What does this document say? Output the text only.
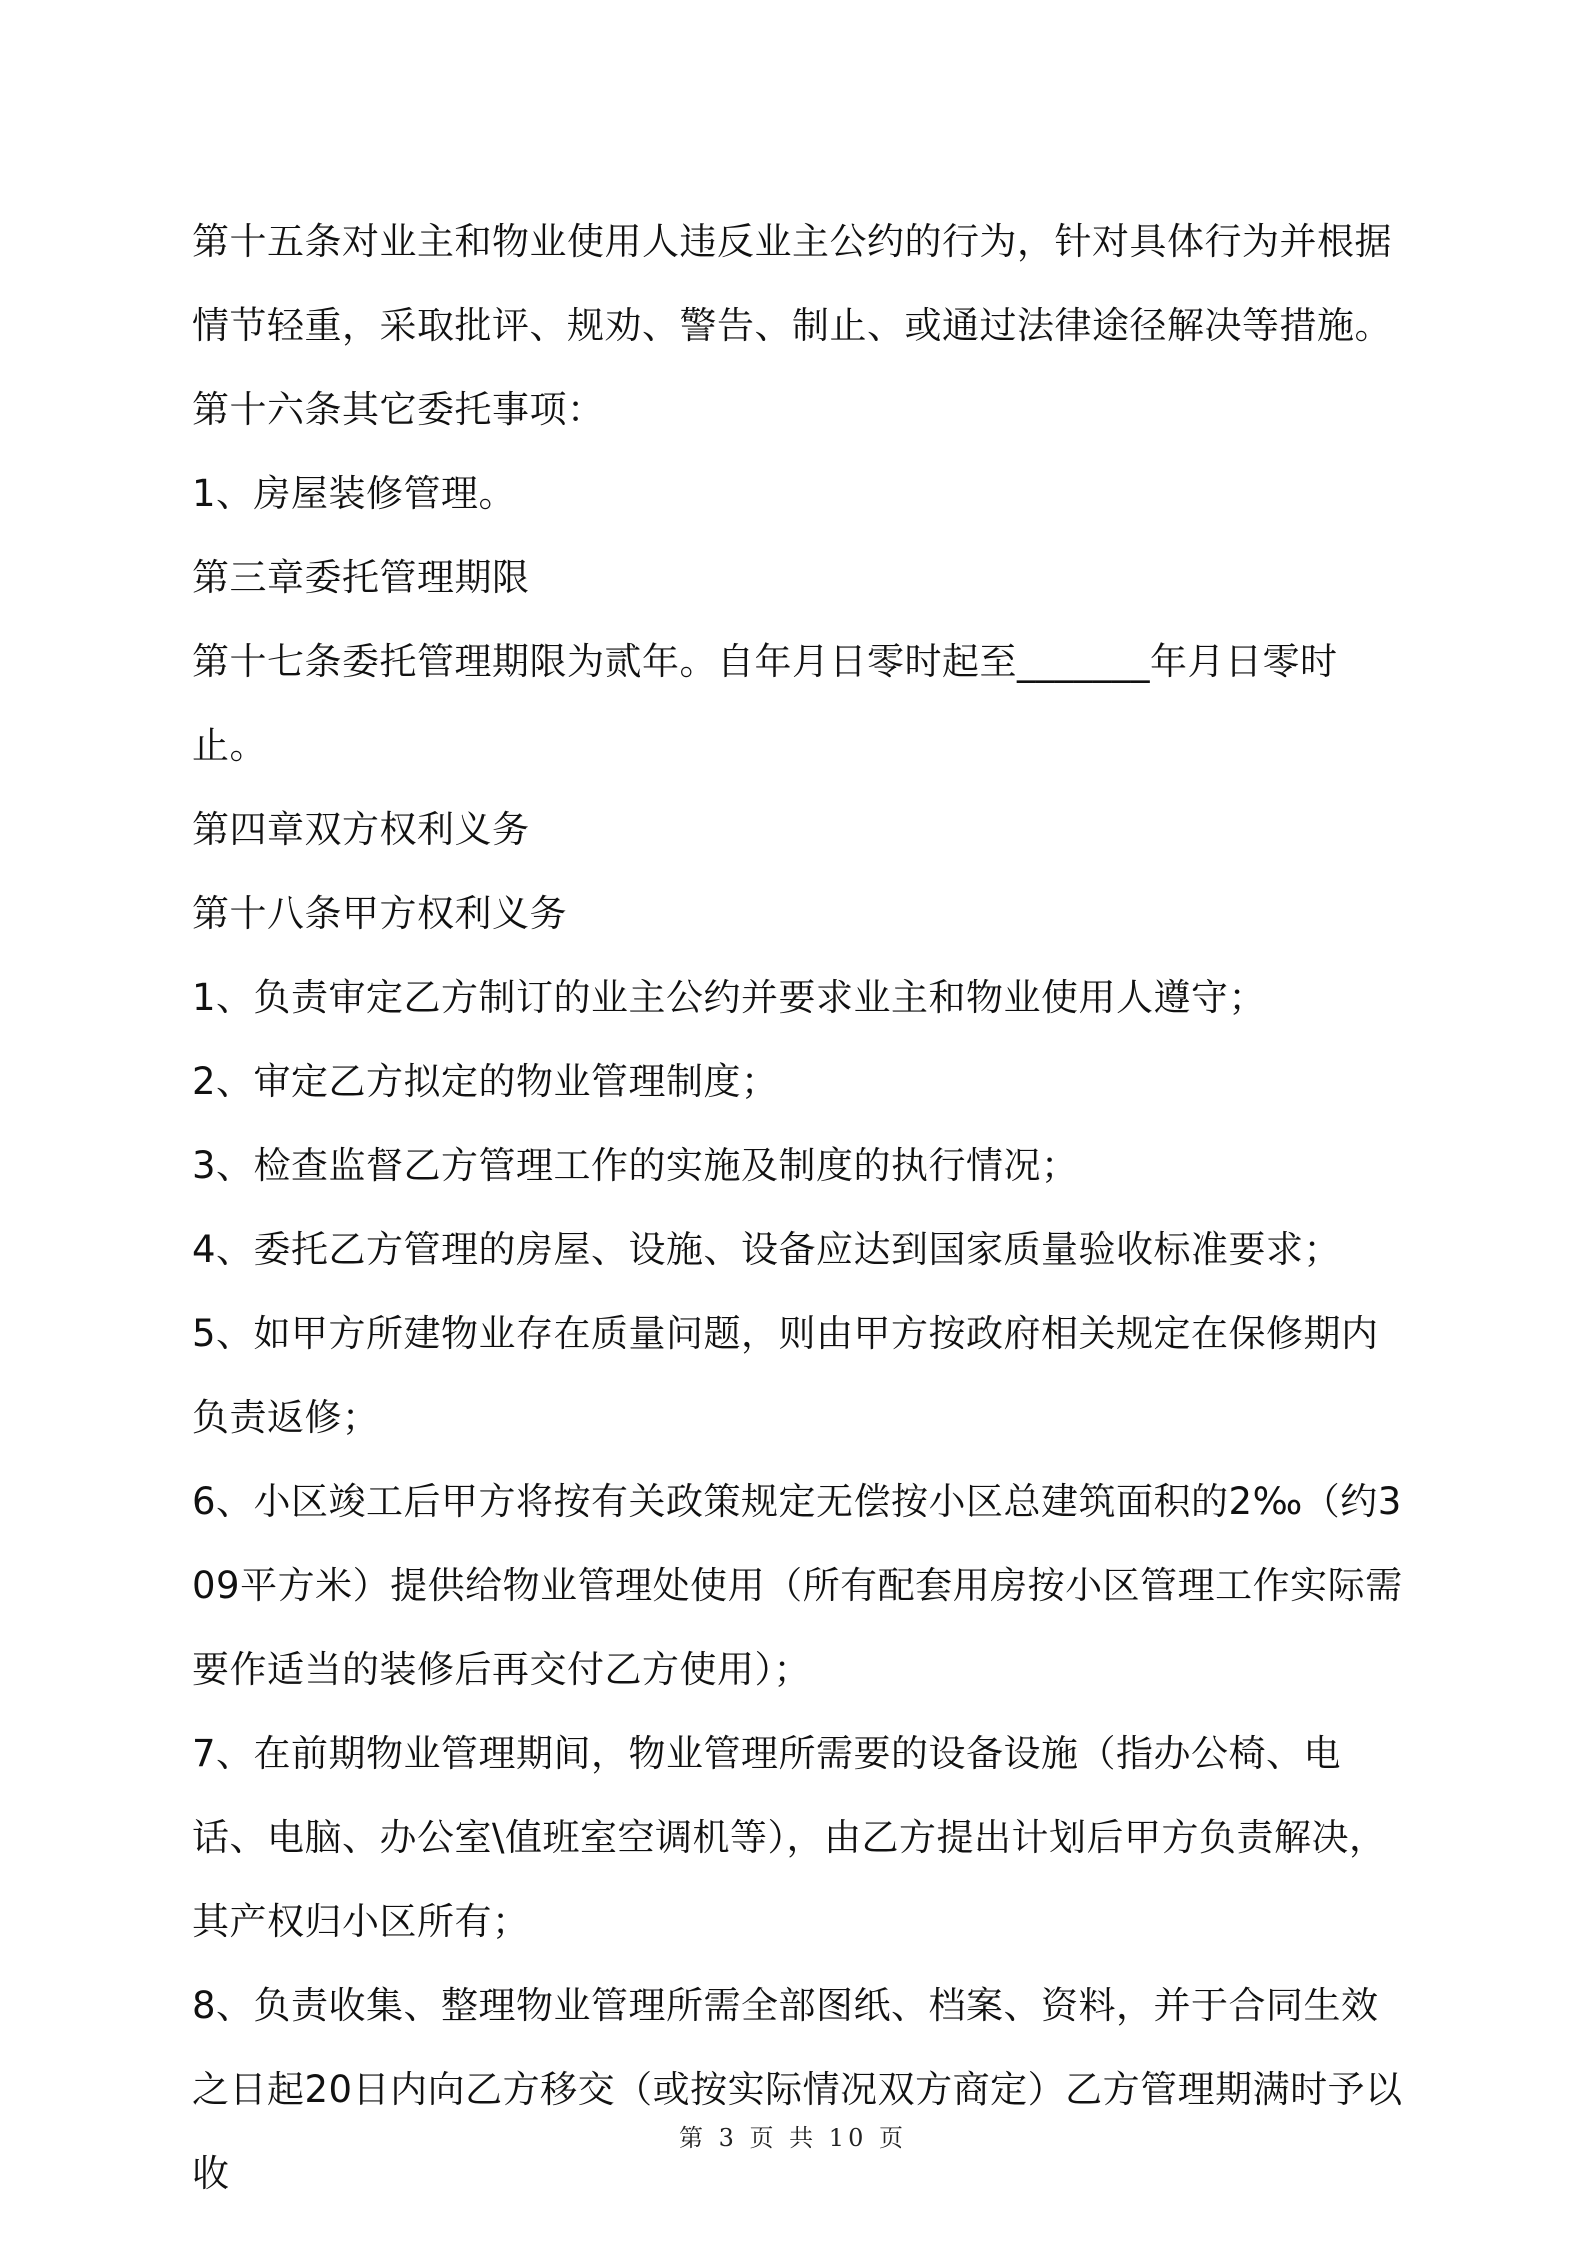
第十五条对业主和物业使用人违反业主公约的行为，针对具体行为并根据情节轻重，采取批评、规劝、警告、制止、或通过法律途径解决等措施。

第十六条其它委托事项：

1、房屋装修管理。

第三章委托管理期限

第十七条委托管理期限为贰年。自年月日零时起至_______年月日零时止。

第四章双方权利义务

第十八条甲方权利义务

1、负责审定乙方制订的业主公约并要求业主和物业使用人遵守；

2、审定乙方拟定的物业管理制度；

3、检查监督乙方管理工作的实施及制度的执行情况；

4、委托乙方管理的房屋、设施、设备应达到国家质量验收标准要求；

5、如甲方所建物业存在质量问题，则由甲方按政府相关规定在保修期内负责返修；

6、小区竣工后甲方将按有关政策规定无偿按小区总建筑面积的2‰（约309平方米）提供给物业管理处使用（所有配套用房按小区管理工作实际需要作适当的装修后再交付乙方使用）；

7、在前期物业管理期间，物业管理所需要的设备设施（指办公椅、电话、电脑、办公室\值班室空调机等），由乙方提出计划后甲方负责解决，其产权归小区所有；

8、负责收集、整理物业管理所需全部图纸、档案、资料，并于合同生效之日起20日内向乙方移交（或按实际情况双方商定）乙方管理期满时予以收

第 3 页 共 10 页
